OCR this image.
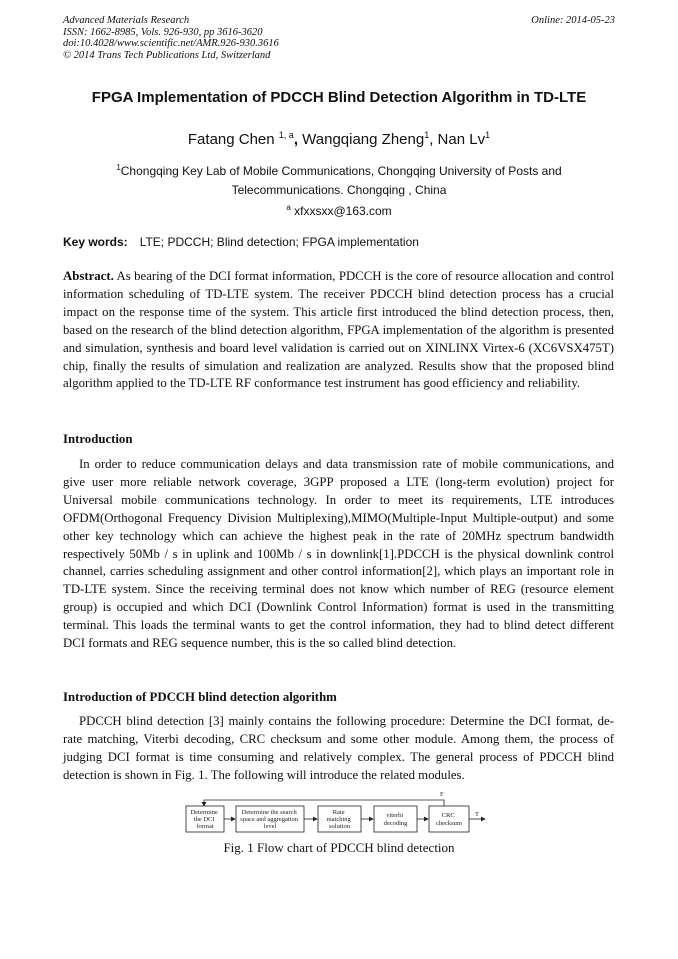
Advanced Materials Research
ISSN: 1662-8985, Vols. 926-930, pp 3616-3620
doi:10.4028/www.scientific.net/AMR.926-930.3616
© 2014 Trans Tech Publications Ltd, Switzerland
Online: 2014-05-23
FPGA Implementation of PDCCH Blind Detection Algorithm in TD-LTE
Fatang Chen $^{1, a}$, Wangqiang Zheng$^1$, Nan Lv$^1$
$^1$Chongqing Key Lab of Mobile Communications, Chongqing University of Posts and Telecommunications. Chongqing , China
$^a$ xfxxsxx@163.com
Key words: LTE; PDCCH; Blind detection; FPGA implementation

Abstract. As bearing of the DCI format information, PDCCH is the core of resource allocation and control information scheduling of TD-LTE system. The receiver PDCCH blind detection process has a crucial impact on the response time of the system. This article first introduced the blind detection process, then, based on the research of the blind detection algorithm, FPGA implementation of the algorithm is presented and simulation, synthesis and board level validation is carried out on XINLINX Virtex-6 (XC6VSX475T) chip, finally the results of simulation and realization are analyzed. Results show that the proposed blind algorithm applied to the TD-LTE RF conformance test instrument has good efficiency and reliability.

Introduction

In order to reduce communication delays and data transmission rate of mobile communications, and give user more reliable network coverage, 3GPP proposed a LTE (long-term evolution) project for Universal mobile communications technology. In order to meet its requirements, LTE introduces OFDM(Orthogonal Frequency Division Multiplexing),MIMO(Multiple-Input Multiple-output) and some other key technology which can achieve the highest peak in the rate of 20MHz spectrum bandwidth respectively 50Mb / s in uplink and 100Mb / s in downlink[1].PDCCH is the physical downlink control channel, carries scheduling assignment and other control information[2], which plays an important role in TD-LTE system. Since the receiving terminal does not know which number of REG (resource element group) is occupied and which DCI (Downlink Control Information) format is used in the transmitting terminal. This loads the terminal wants to get the control information, they had to blind detect different DCI formats and REG sequence number, this is the so called blind detection.

Introduction of PDCCH blind detection algorithm

PDCCH blind detection [3] mainly contains the following procedure: Determine the DCI format, de-rate matching, Viterbi decoding, CRC checksum and some other module. Among them, the process of judging DCI format is time consuming and relatively complex. The general process of PDCCH blind detection is shown in Fig. 1. The following will introduce the related modules.

F
T
Determine the DCI format
Determine the search space and aggregation level
Rate matching solution
viterbi decoding
CRC checksum
Fig. 1 Flow chart of PDCCH blind detection
